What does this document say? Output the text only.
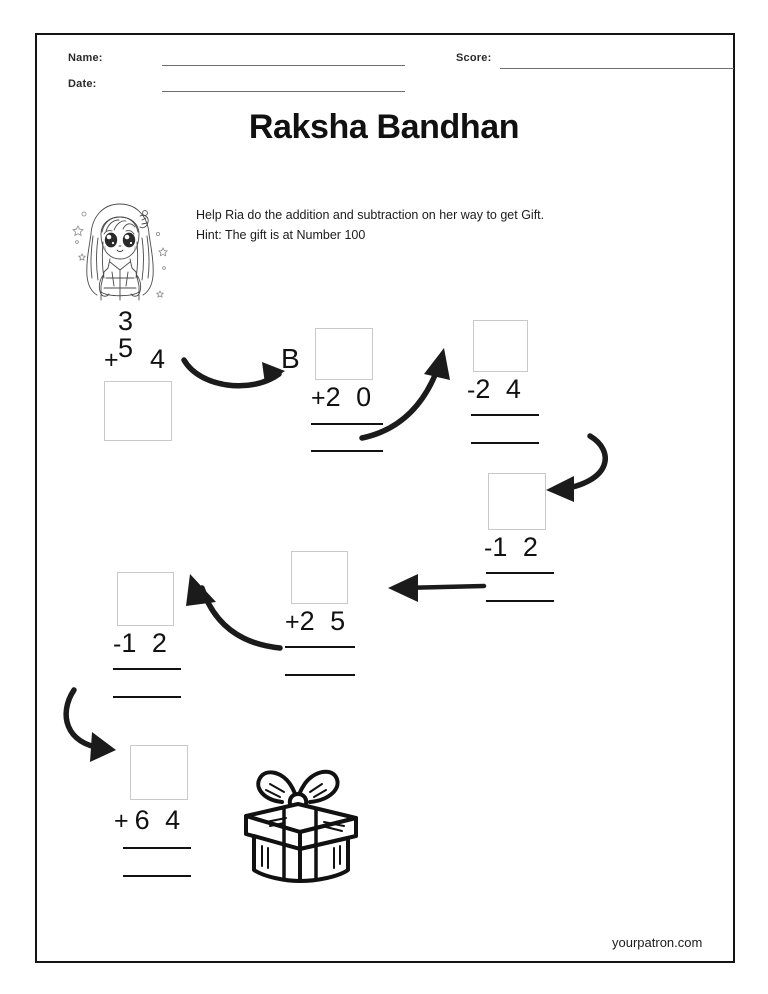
Name:
Date:
Score:
Raksha Bandhan
Help Ria do the addition and subtraction on her way to get Gift.
Hint: The gift is at Number 100
3 5
+ 4	B
+ 2 0	- 2 4
- 1 2
+ 2 5
- 1 2
+ 6 4
yourpatron.com
